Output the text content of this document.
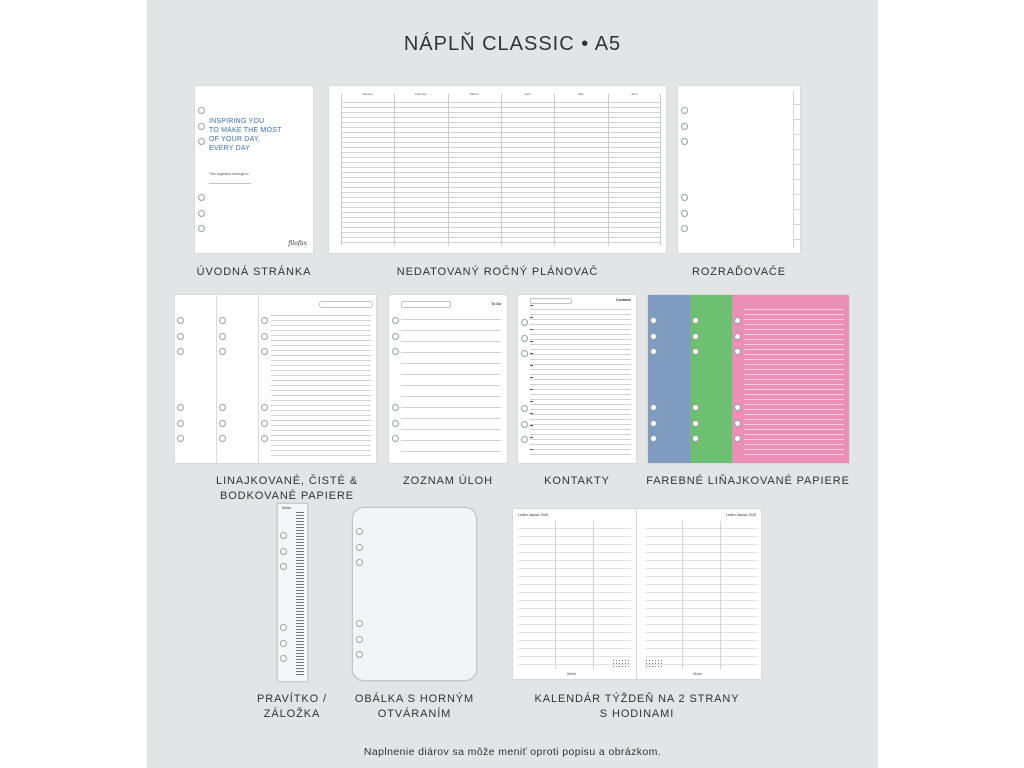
NÁPLŇ CLASSIC • A5
INSPIRING YOU
TO MAKE THE MOST
OF YOUR DAY,
EVERY DAY
This organiser belongs to:
filofax
ÚVODNÁ STRÁNKA
January	February	March	April	May	June
NEDATOVANÝ ROČNÝ PLÁNOVAČ	ROZRAĎOVAČE
LINAJKOVANÉ, ČISTÉ &
BODKOVANÉ PAPIERE
To Do
ZOZNAM ÚLOH
Contacts
KONTAKTY	FAREBNÉ LIŇAJKOVANÉ PAPIERE
filofax
PRAVÍTKO /
ZÁLOŽKA
OBÁLKA S HORNÝM
OTVÁRANÍM
Leden Januar 2025
filofax
Leden Januar 2025
filofax
KALENDÁR TÝŽDEŇ NA 2 STRANY
S HODINAMI
Naplnenie diárov sa môže meniť oproti popisu a obrázkom.
